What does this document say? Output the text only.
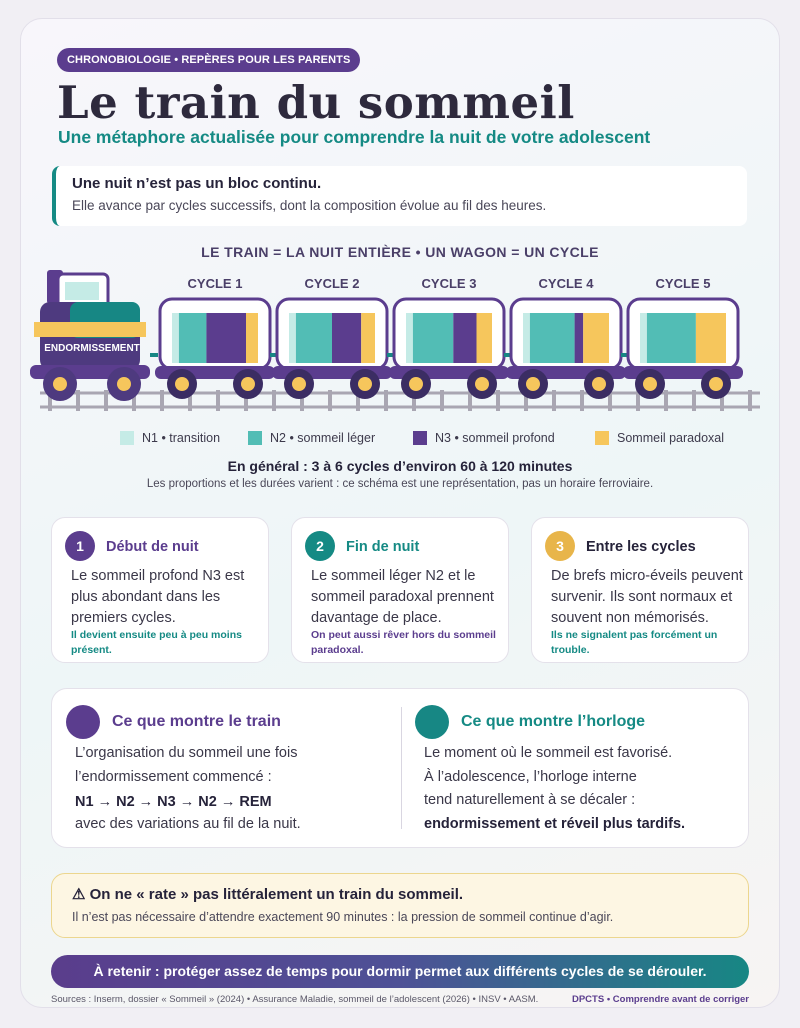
CHRONOBIOLOGIE • REPÈRES POUR LES PARENTS
Le train du sommeil
Une métaphore actualisée pour comprendre la nuit de votre adolescent
Une nuit n’est pas un bloc continu.
Elle avance par cycles successifs, dont la composition évolue au fil des heures.
LE TRAIN = LA NUIT ENTIÈRE • UN WAGON = UN CYCLE
ENDORMISSEMENT
CYCLE 1	CYCLE 2	CYCLE 3	CYCLE 4	CYCLE 5
N1 • transition	N2 • sommeil léger	N3 • sommeil profond	Sommeil paradoxal
En général : 3 à 6 cycles d’environ 60 à 120 minutes
Les proportions et les durées varient : ce schéma est une représentation, pas un horaire ferroviaire.
1	Début de nuit
Le sommeil profond N3 est plus abondant dans les premiers cycles.
Il devient ensuite peu à peu moins présent.
2	Fin de nuit
Le sommeil léger N2 et le sommeil paradoxal prennent davantage de place.
On peut aussi rêver hors du sommeil paradoxal.
3	Entre les cycles
De brefs micro-éveils peuvent survenir. Ils sont normaux et souvent non mémorisés.
Ils ne signalent pas forcément un trouble.
Ce que montre le train
L’organisation du sommeil une fois
l’endormissement commencé :
N1 → N2 → N3 → N2 → REM
avec des variations au fil de la nuit.
Ce que montre l’horloge
Le moment où le sommeil est favorisé.
À l’adolescence, l’horloge interne
tend naturellement à se décaler :
endormissement et réveil plus tardifs.
⚠ On ne « rate » pas littéralement un train du sommeil.
Il n’est pas nécessaire d’attendre exactement 90 minutes : la pression de sommeil continue d’agir.
À retenir : protéger assez de temps pour dormir permet aux différents cycles de se dérouler.
Sources : Inserm, dossier « Sommeil » (2024) • Assurance Maladie, sommeil de l’adolescent (2026) • INSV • AASM.	DPCTS • Comprendre avant de corriger
